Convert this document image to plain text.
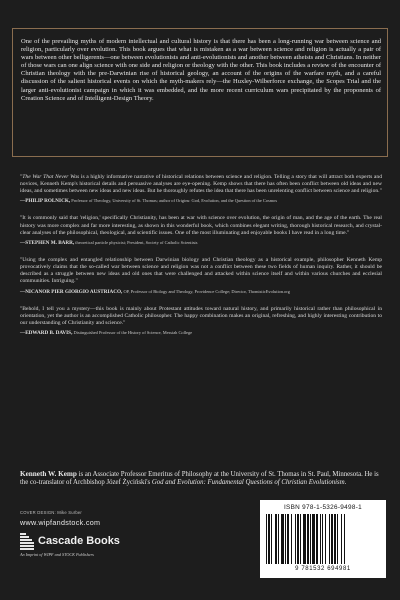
One of the prevailing myths of modern intellectual and cultural history is that there has been a long-running war between science and religion, particularly over evolution. This book argues that what is mistaken as a war between science and religion is actually a pair of wars between other belligerents—one between evolutionists and anti-evolutionists and another between atheists and Christians. In neither of those wars can one align science with one side and religion or theology with the other. This book includes a review of the encounter of Christian theology with the pre-Darwinian rise of historical geology, an account of the origins of the warfare myth, and a careful discussion of the salient historical events on which the myth-makers rely—the Huxley-Wilberforce exchange, the Scopes Trial and the larger anti-evolutionist campaign in which it was embedded, and the more recent curriculum wars precipitated by the proponents of Creation Science and of Intelligent-Design Theory.

"The War That Never Was is a highly informative narrative of historical relations between science and religion. Telling a story that will attract both experts and novices, Kenneth Kemp's historical details and persuasive analyses are eye-opening. Kemp shows that there has often been conflict between old ideas and new ideas, and sometimes between new ideas and new ideas. But he thoroughly refutes the idea that there has been unrelenting conflict between science and religion."

—PHILIP ROLNICK, Professor of Theology, University of St. Thomas; author of Origins: God, Evolution, and the Question of the Cosmos

"It is commonly said that 'religion,' specifically Christianity, has been at war with science over evolution, the origin of man, and the age of the earth. The real history was more complex and far more interesting, as shown in this wonderful book, which combines elegant writing, thorough historical research, and crystal-clear analyses of the philosophical, theological, and scientific issues. One of the most illuminating and enjoyable books I have read in a long time."

—STEPHEN M. BARR, theoretical particle physicist; President, Society of Catholic Scientists

"Using the complex and entangled relationship between Darwinian biology and Christian theology as a historical example, philosopher Kenneth Kemp provocatively claims that the so-called war between science and religion was not a conflict between these two fields of human inquiry. Rather, it should be described as a struggle between new ideas and old ones that were challenged and attacked within science itself and within various churches and ecclesial communities. Intriguing."

—NICANOR PIER GIORGIO AUSTRIACO, OP, Professor of Biology and Theology, Providence College; Director, ThomisticEvolution.org

"Behold, I tell you a mystery—this book is mainly about Protestant attitudes toward natural history, and primarily historical rather than philosophical in orientation, yet the author is an accomplished Catholic philosopher. The happy combination makes an original, refreshing, and highly interesting contribution to our understanding of Christianity and science."

—EDWARD B. DAVIS, Distinguished Professor of the History of Science, Messiah College

Kenneth W. Kemp is an Associate Professor Emeritus of Philosophy at the University of St. Thomas in St. Paul, Minnesota. He is the co-translator of Archbishop Józef Życiński's God and Evolution: Fundamental Questions of Christian Evolutionism.

COVER DESIGN: Mike Surber
www.wipfandstock.com
Cascade Books
An Imprint of WIPF and STOCK Publishers
ISBN 978-1-5326-9498-1
9 781532 694981
